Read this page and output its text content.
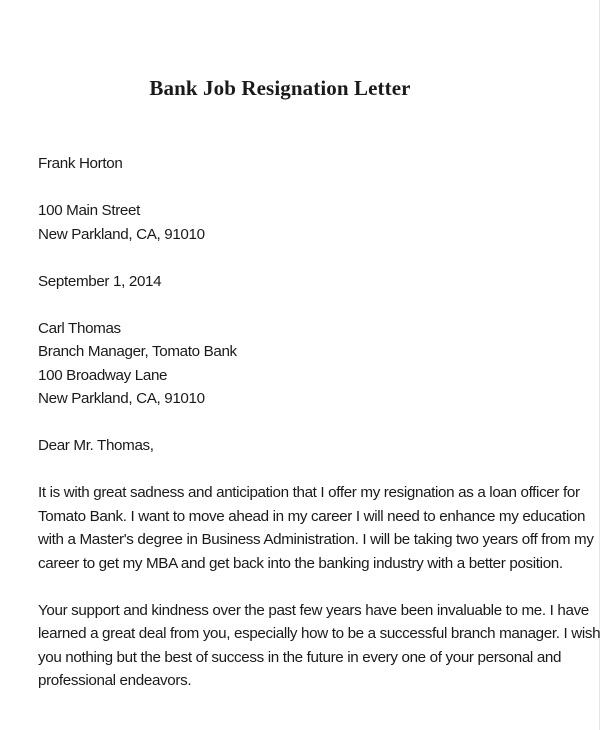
Bank Job Resignation Letter
Frank Horton
100 Main Street
New Parkland, CA, 91010
September 1, 2014
Carl Thomas
Branch Manager, Tomato Bank
100 Broadway Lane
New Parkland, CA, 91010
Dear Mr. Thomas,
It is with great sadness and anticipation that I offer my resignation as a loan officer for
Tomato Bank. I want to move ahead in my career I will need to enhance my education
with a Master's degree in Business Administration. I will be taking two years off from my
career to get my MBA and get back into the banking industry with a better position.
Your support and kindness over the past few years have been invaluable to me. I have
learned a great deal from you, especially how to be a successful branch manager. I wish
you nothing but the best of success in the future in every one of your personal and
professional endeavors.
